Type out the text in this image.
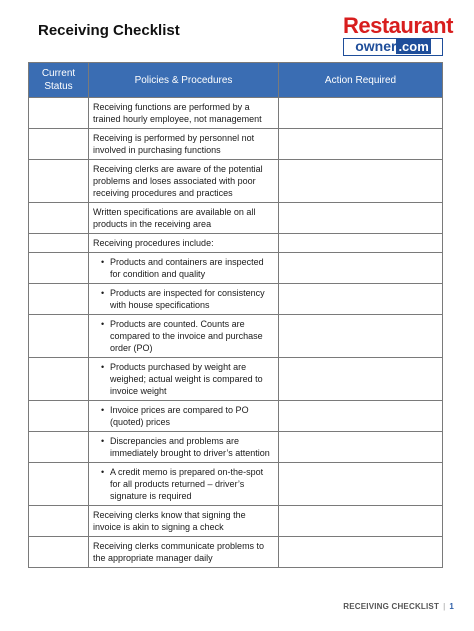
Receiving Checklist	Restaurant
owner .com
Current Status	Policies & Procedures	Action Required
	Receiving functions are performed by a trained hourly employee, not management	
	Receiving is performed by personnel not involved in purchasing functions	
	Receiving clerks are aware of the potential problems and loses associated with poor receiving procedures and practices	
	Written specifications are available on all products in the receiving area	
	Receiving procedures include:	

	• Products and containers are inspected for condition and quality	

	• Products are inspected for consistency with house specifications	

	• Products are counted. Counts are compared to the invoice and purchase order (PO)	

	• Products purchased by weight are weighed; actual weight is compared to invoice weight	

	• Invoice prices are compared to PO (quoted) prices	

	• Discrepancies and problems are immediately brought to driver’s attention	

	• A credit memo is prepared on-the-spot for all products returned – driver’s signature is required	

	Receiving clerks know that signing the invoice is akin to signing a check	
	Receiving clerks communicate problems to the appropriate manager daily	
RECEIVING CHECKLIST | 1
